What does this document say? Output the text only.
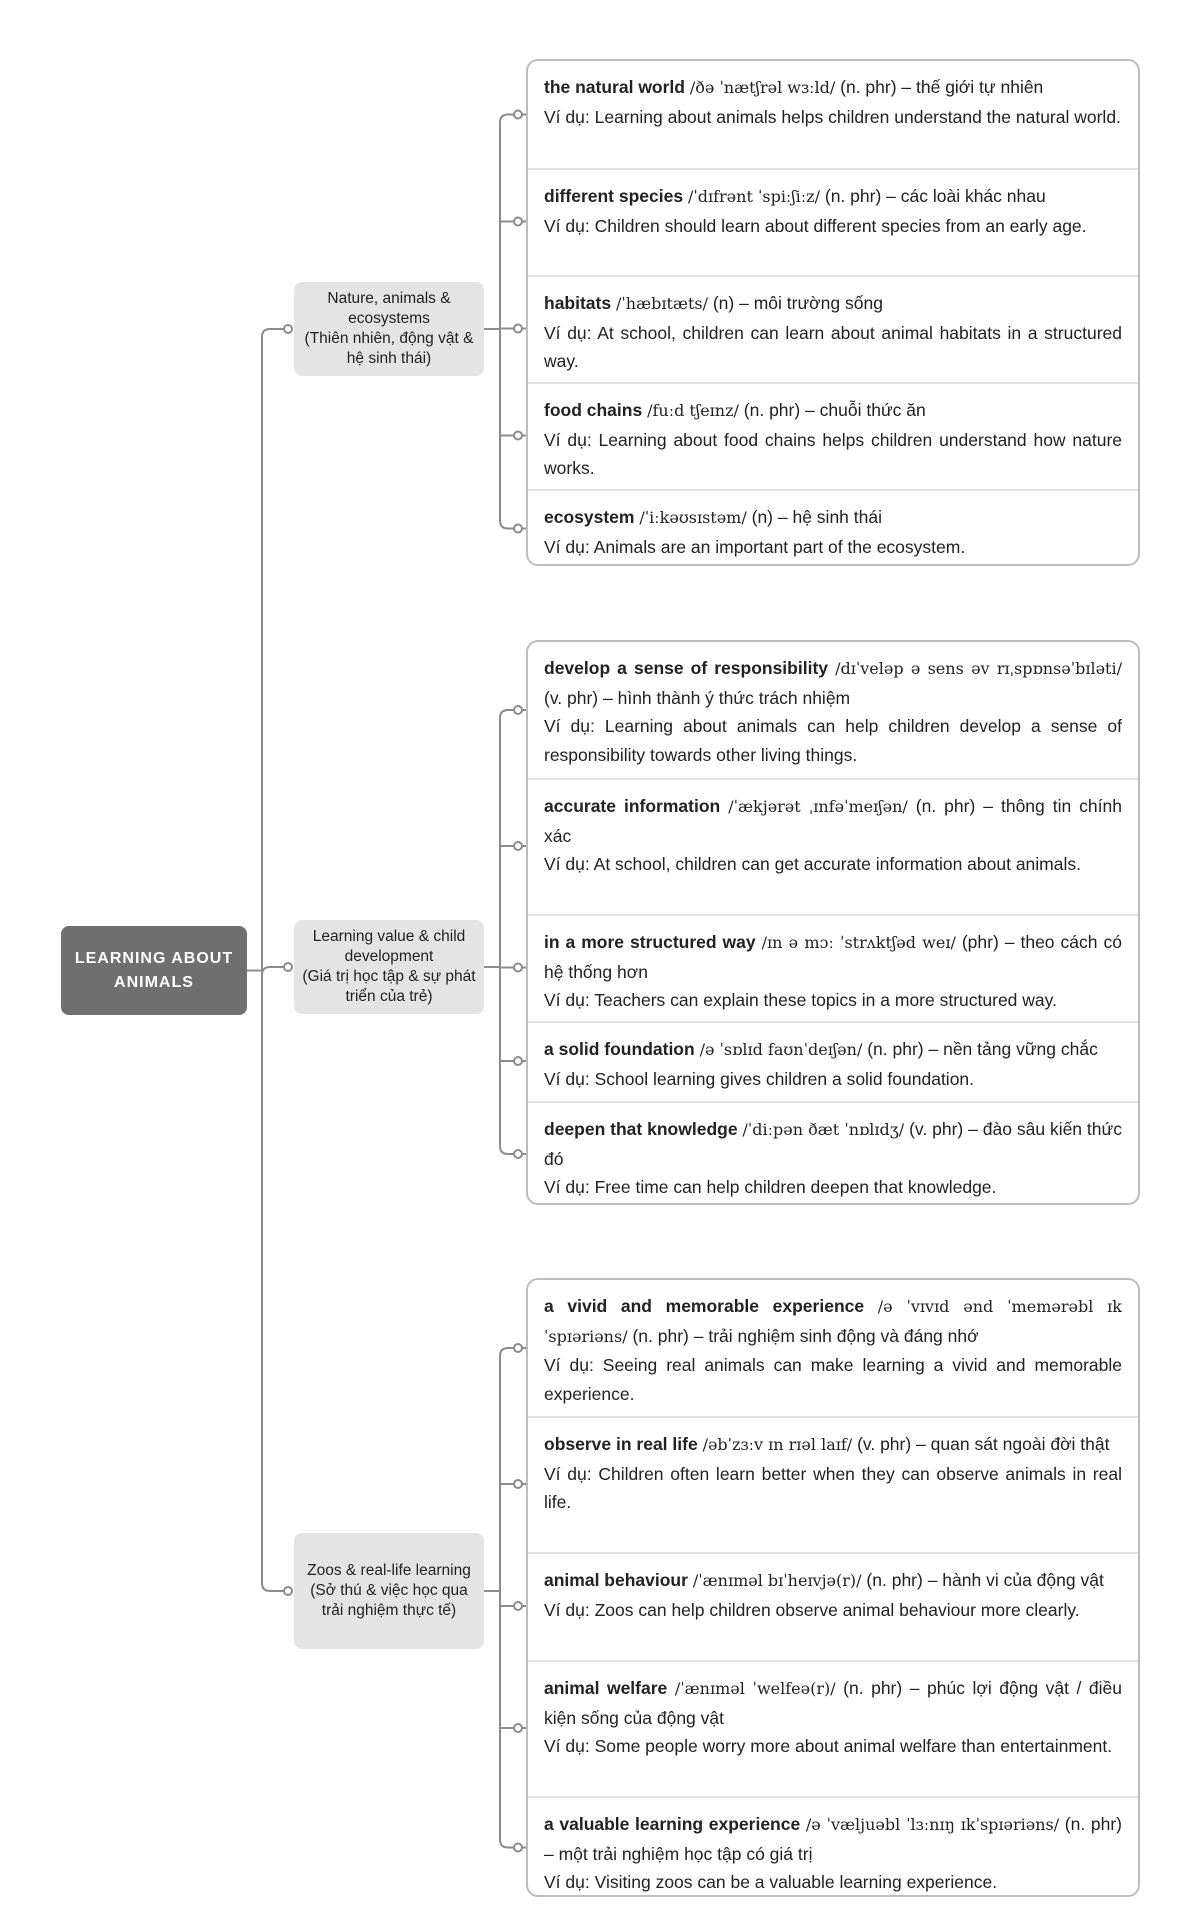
LEARNING ABOUT ANIMALS
Nature, animals & ecosystems
(Thiên nhiên, động vật & hệ sinh thái)
Learning value & child development
(Giá trị học tập & sự phát triển của trẻ)
Zoos & real-life learning
(Sở thú & việc học qua trải nghiệm thực tế)
the natural world /ðə ˈnætʃrəl wɜːld/ (n. phr) – thế giới tự nhiên
Ví dụ: Learning about animals helps children understand the natural world.
different species /ˈdɪfrənt ˈspiːʃiːz/ (n. phr) – các loài khác nhau
Ví dụ: Children should learn about different species from an early age.
habitats /ˈhæbɪtæts/ (n) – môi trường sống
Ví dụ: At school, children can learn about animal habitats in a structured way.
food chains /fuːd tʃeɪnz/ (n. phr) – chuỗi thức ăn
Ví dụ: Learning about food chains helps children understand how nature works.
ecosystem /ˈiːkəʊsɪstəm/ (n) – hệ sinh thái
Ví dụ: Animals are an important part of the ecosystem.
develop a sense of responsibility /dɪˈveləp ə sens əv rɪˌspɒnsəˈbɪləti/ (v. phr) – hình thành ý thức trách nhiệm
Ví dụ: Learning about animals can help children develop a sense of responsibility towards other living things.
accurate information /ˈækjərət ˌɪnfəˈmeɪʃən/ (n. phr) – thông tin chính xác
Ví dụ: At school, children can get accurate information about animals.
in a more structured way /ɪn ə mɔː ˈstrʌktʃəd weɪ/ (phr) – theo cách có hệ thống hơn
Ví dụ: Teachers can explain these topics in a more structured way.
a solid foundation /ə ˈsɒlɪd faʊnˈdeɪʃən/ (n. phr) – nền tảng vững chắc
Ví dụ: School learning gives children a solid foundation.
deepen that knowledge /ˈdiːpən ðæt ˈnɒlɪdʒ/ (v. phr) – đào sâu kiến thức đó
Ví dụ: Free time can help children deepen that knowledge.
a vivid and memorable experience /ə ˈvɪvɪd ənd ˈmemərəbl ɪkˈspɪəriəns/ (n. phr) – trải nghiệm sinh động và đáng nhớ
Ví dụ: Seeing real animals can make learning a vivid and memorable experience.
observe in real life /əbˈzɜːv ɪn rɪəl laɪf/ (v. phr) – quan sát ngoài đời thật
Ví dụ: Children often learn better when they can observe animals in real life.
animal behaviour /ˈænɪməl bɪˈheɪvjə(r)/ (n. phr) – hành vi của động vật
Ví dụ: Zoos can help children observe animal behaviour more clearly.
animal welfare /ˈænɪməl ˈwelfeə(r)/ (n. phr) – phúc lợi động vật / điều kiện sống của động vật
Ví dụ: Some people worry more about animal welfare than entertainment.
a valuable learning experience /ə ˈvæljuəbl ˈlɜːnɪŋ ɪkˈspɪəriəns/ (n. phr) – một trải nghiệm học tập có giá trị
Ví dụ: Visiting zoos can be a valuable learning experience.
